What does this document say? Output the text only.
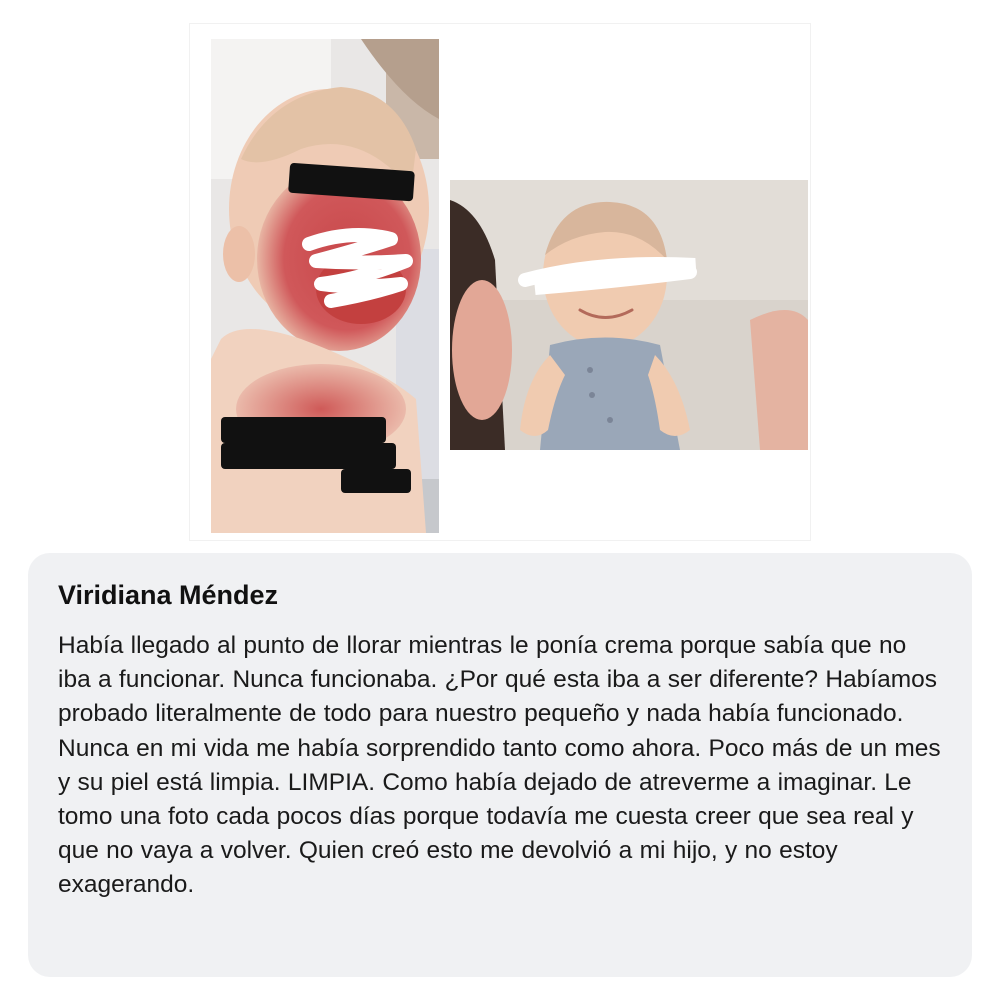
Viridiana Méndez

Había llegado al punto de llorar mientras le ponía crema porque sabía que no iba a funcionar. Nunca funcionaba. ¿Por qué esta iba a ser diferente? Habíamos probado literalmente de todo para nuestro pequeño y nada había funcionado. Nunca en mi vida me había sorprendido tanto como ahora. Poco más de un mes y su piel está limpia. LIMPIA. Como había dejado de atreverme a imaginar. Le tomo una foto cada pocos días porque todavía me cuesta creer que sea real y que no vaya a volver. Quien creó esto me devolvió a mi hijo, y no estoy exagerando.
